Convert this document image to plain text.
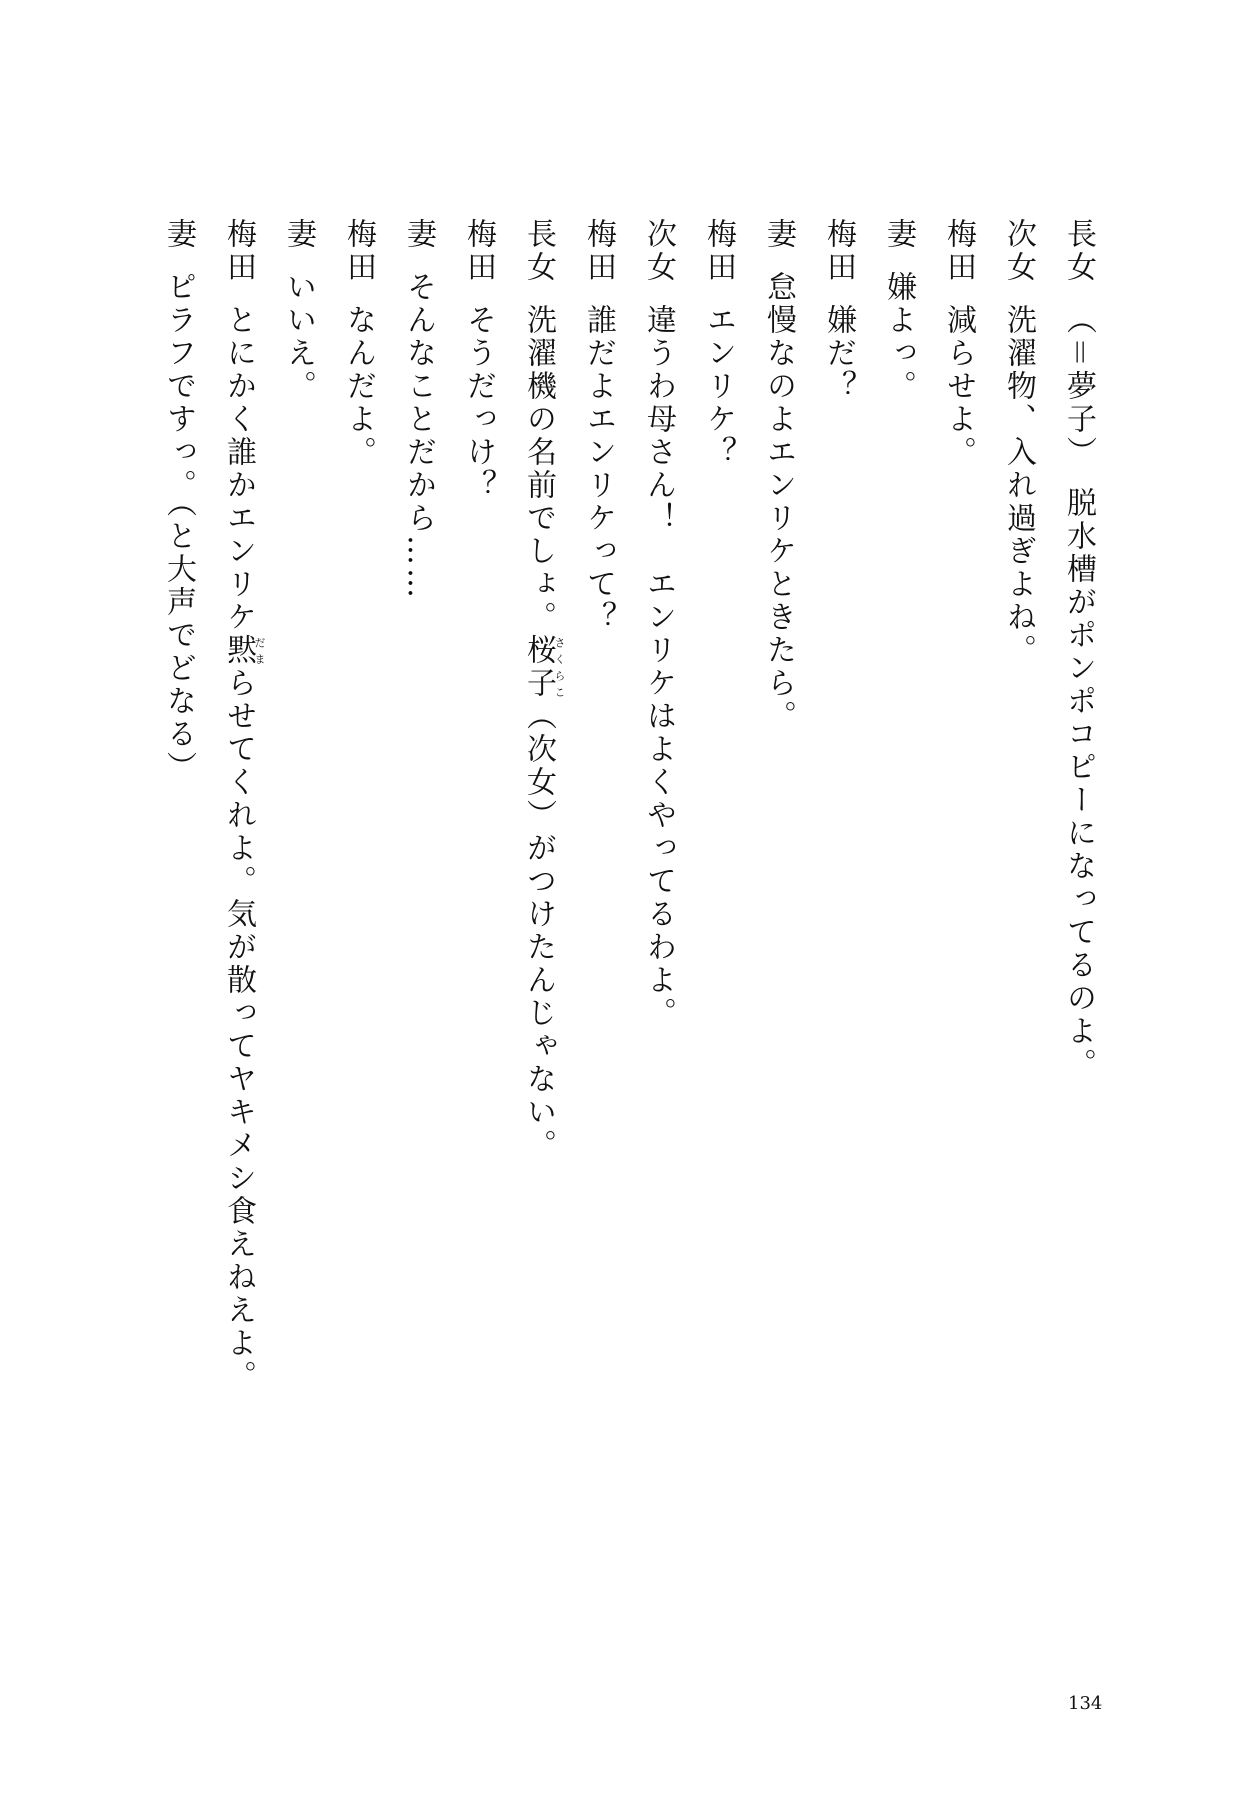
長女（＝夢子）　脱水槽がポンポコピーになってるのよ。
次女洗濯物、入れ過ぎよね。
梅田減らせよ。
妻嫌よっ。
梅田嫌だ？
妻怠慢なのよエンリケときたら。
梅田エンリケ？
次女違うわ母さん！　エンリケはよくやってるわよ。
梅田誰だよエンリケって？
長女洗濯機の名前でしょ。桜子さくらこ（次女）がつけたんじゃない。
梅田そうだっけ？
妻そんなことだから……
梅田なんだよ。
妻いいえ。
梅田とにかく誰かエンリケ黙だまらせてくれよ。気が散ってヤキメシ食えねえよ。
妻ピラフですっ。（と大声でどなる）
134
